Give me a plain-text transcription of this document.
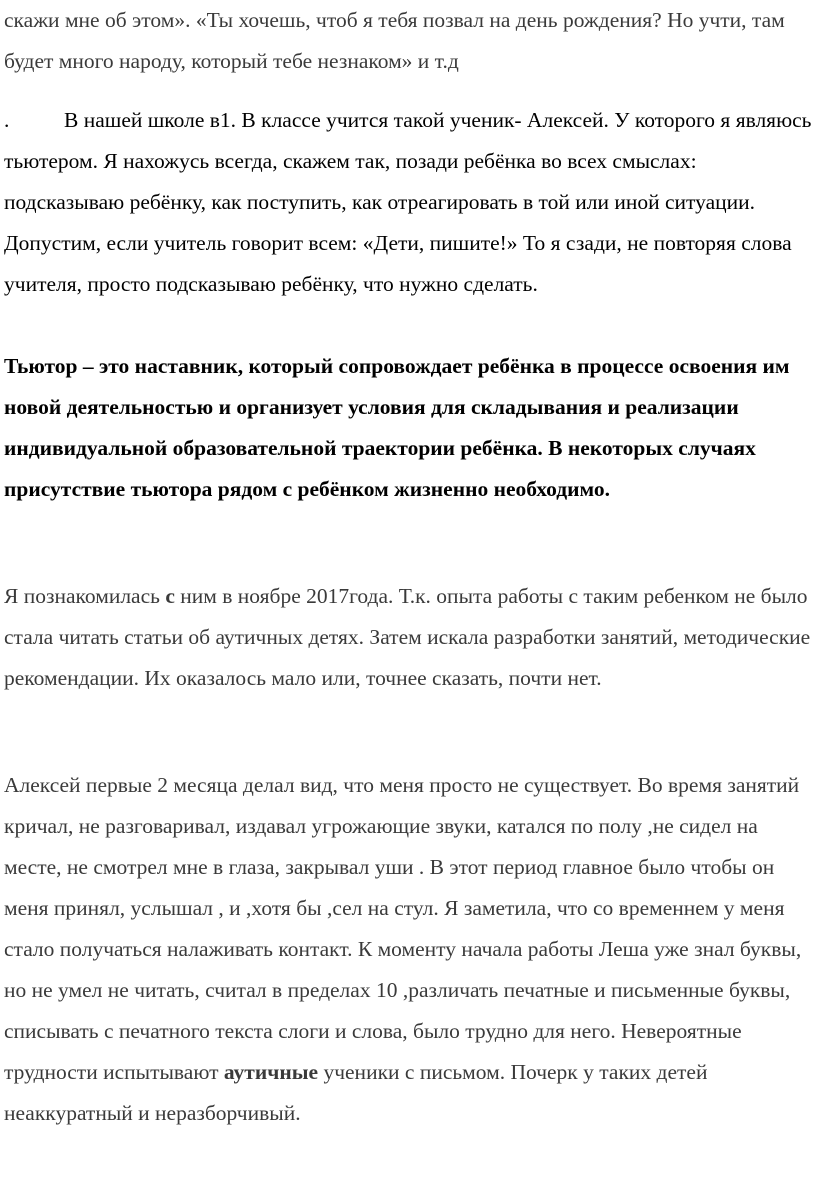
скажи мне об этом». «Ты хочешь, чтоб я тебя позвал на день рождения? Но учти, там будет много народу, который тебе незнаком» и т.д

.	В нашей школе в1. В классе учится такой ученик- Алексей. У которого я являюсь тьютером. Я нахожусь всегда, скажем так, позади ребёнка во всех смыслах: подсказываю ребёнку, как поступить, как отреагировать в той или иной ситуации. Допустим, если учитель говорит всем: «Дети, пишите!» То я сзади, не повторяя слова учителя, просто подсказываю ребёнку, что нужно сделать.

Тьютор – это наставник, который сопровождает ребёнка в процессе освоения им новой деятельностью и организует условия для складывания и реализации индивидуальной образовательной траектории ребёнка. В некоторых случаях присутствие тьютора рядом с ребёнком жизненно необходимо.

Я познакомилась с ним в ноябре 2017года. Т.к. опыта работы с таким ребенком не было стала читать статьи об аутичных детях. Затем искала разработки занятий, методические рекомендации. Их оказалось мало или, точнее сказать, почти нет.

Алексей первые 2 месяца делал вид, что меня просто не существует. Во время занятий кричал, не разговаривал, издавал угрожающие звуки, катался по полу ,не сидел на месте, не смотрел мне в глаза, закрывал уши . В этот период главное было чтобы он меня принял, услышал , и ,хотя бы ,сел на стул. Я заметила, что со временнем у меня стало получаться налаживать контакт. К моменту начала работы Леша уже знал буквы, но не умел не читать, считал в пределах 10 ,различать печатные и письменные буквы, списывать с печатного текста слоги и слова, было трудно для него. Невероятные трудности испытывают аутичные ученики с письмом. Почерк у таких детей неаккуратный и неразборчивый.
